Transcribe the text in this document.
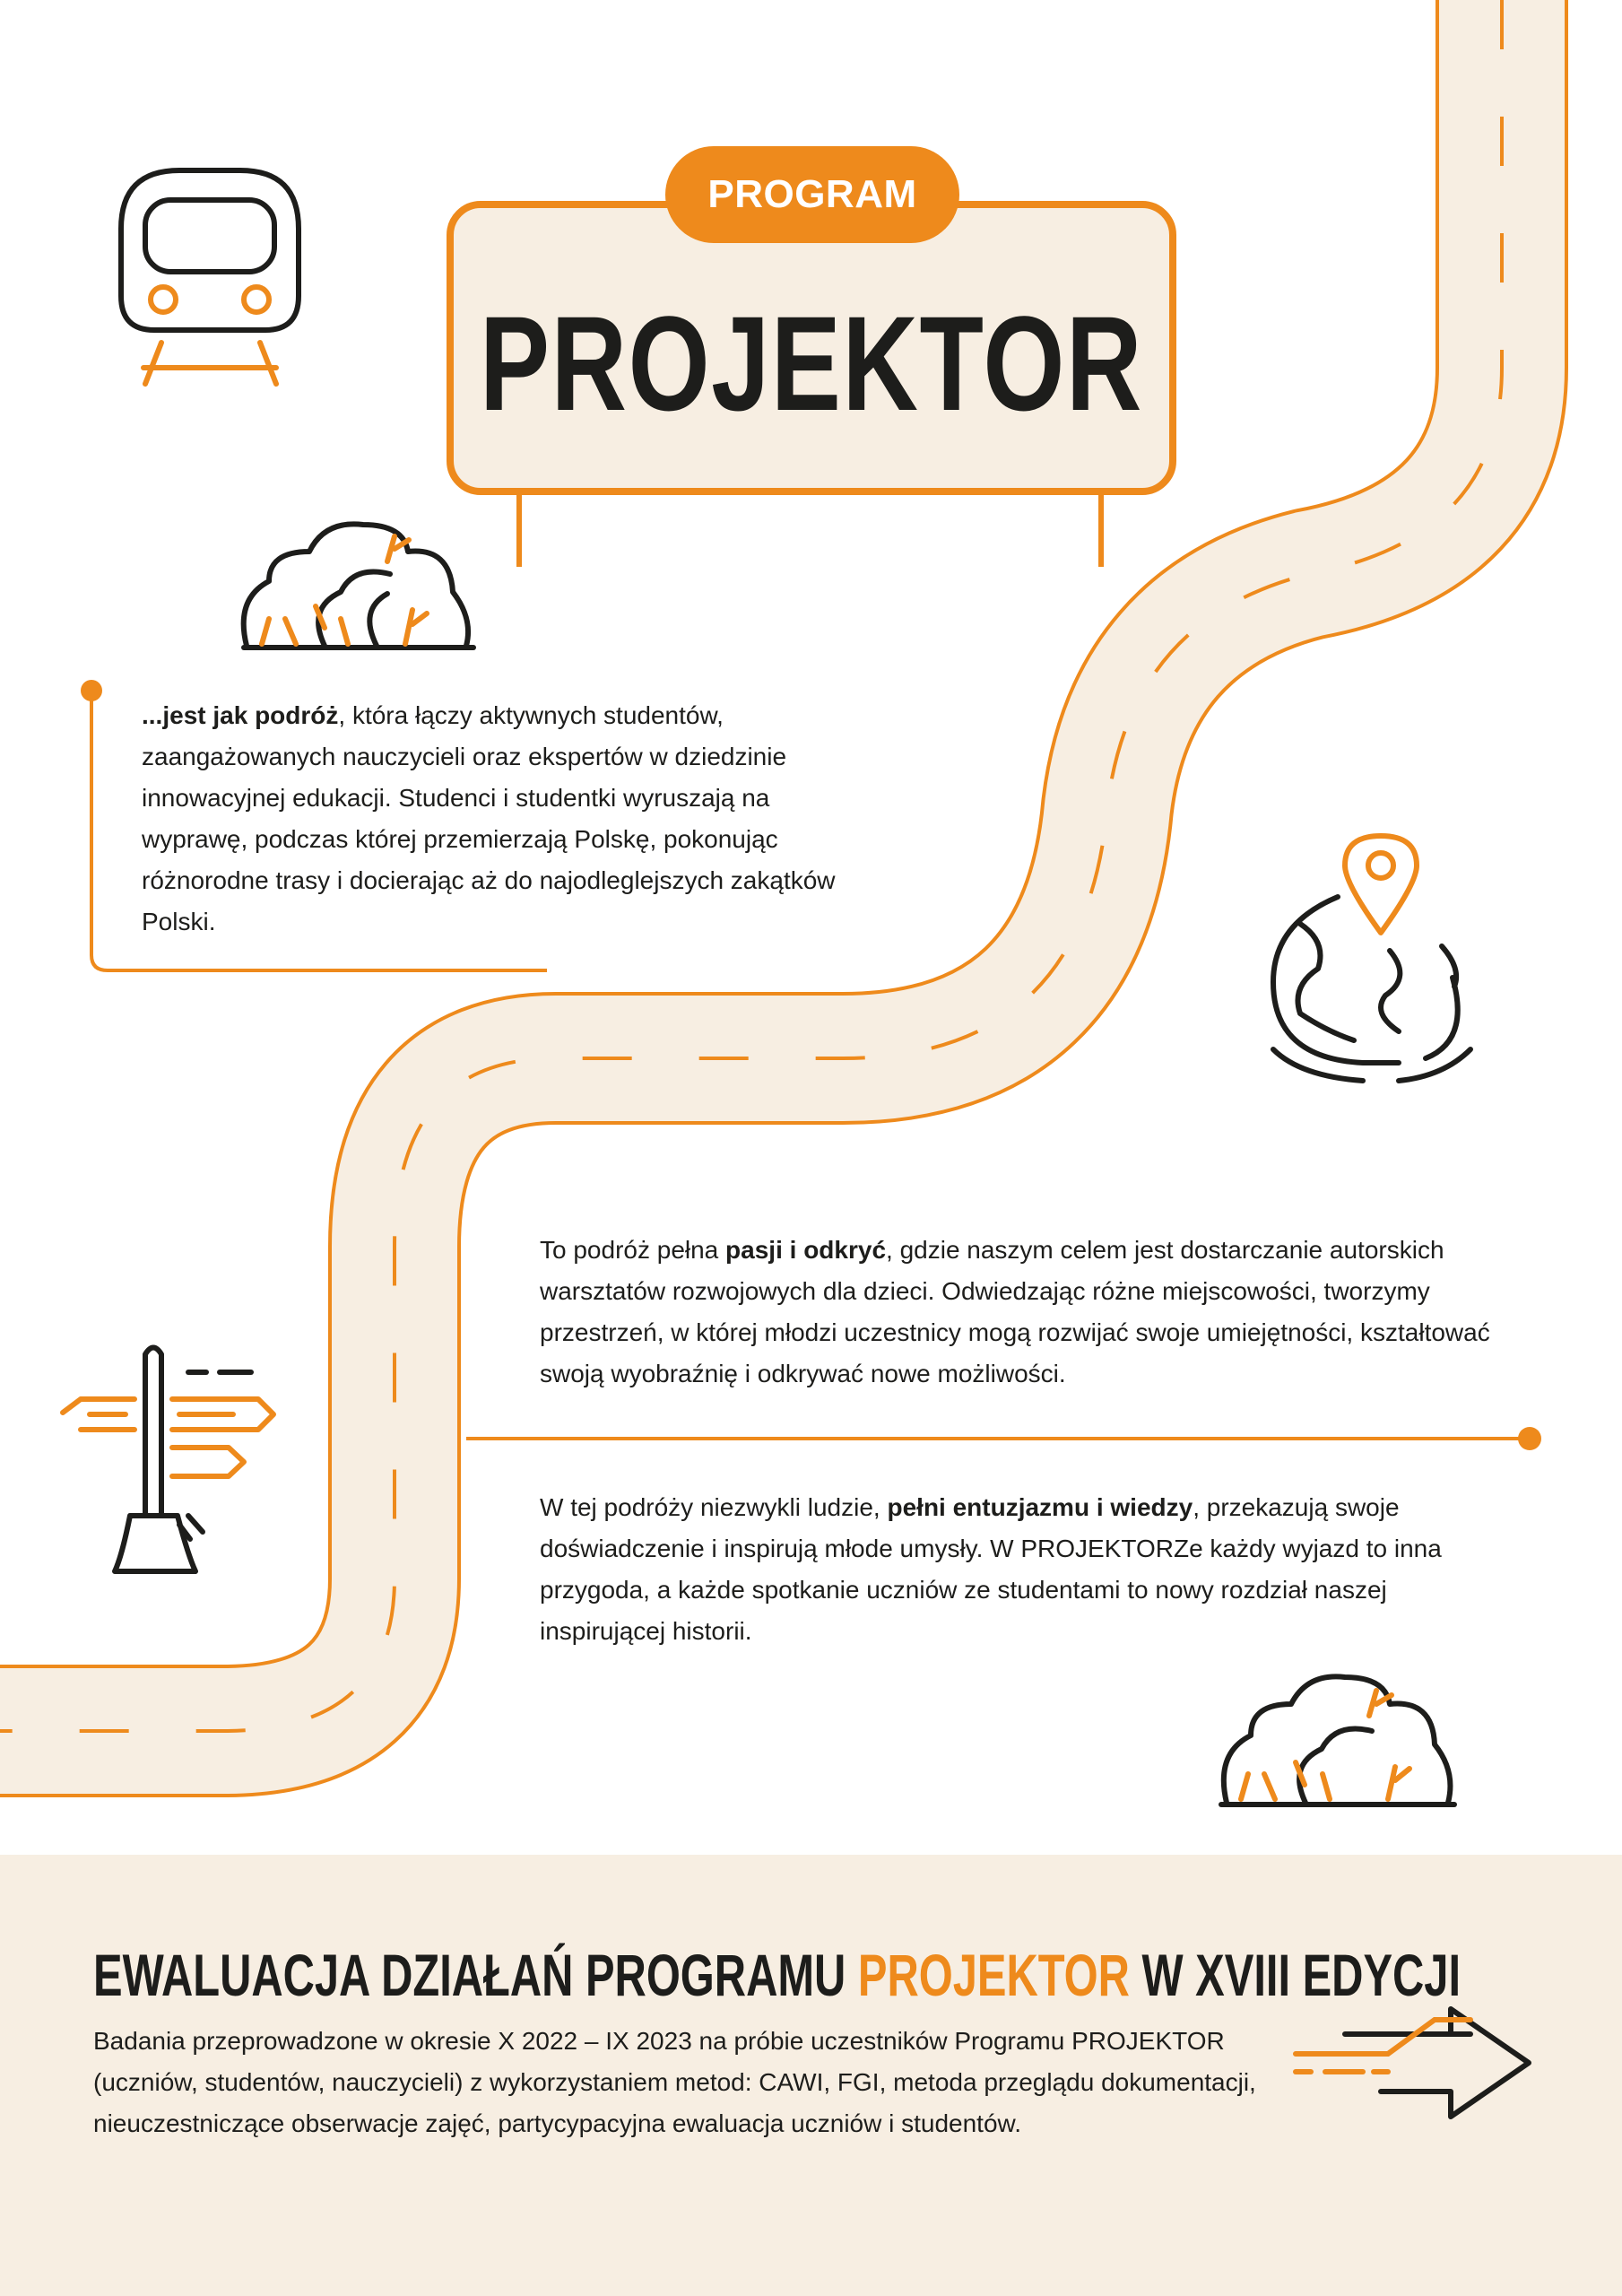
PROGRAM
PROJEKTOR

...jest jak podróż, która łączy aktywnych studentów, zaangażowanych nauczycieli oraz ekspertów w dziedzinie innowacyjnej edukacji. Studenci i studentki wyruszają na wyprawę, podczas której przemierzają Polskę, pokonując różnorodne trasy i docierając aż do najodleglejszych zakątków Polski.

To podróż pełna pasji i odkryć, gdzie naszym celem jest dostarczanie autorskich warsztatów rozwojowych dla dzieci. Odwiedzając różne miejscowości, tworzymy przestrzeń, w której młodzi uczestnicy mogą rozwijać swoje umiejętności, kształtować swoją wyobraźnię i odkrywać nowe możliwości.

W tej podróży niezwykli ludzie, pełni entuzjazmu i wiedzy, przekazują swoje doświadczenie i inspirują młode umysły. W PROJEKTORZe każdy wyjazd to inna przygoda, a każde spotkanie uczniów ze studentami to nowy rozdział naszej inspirującej historii.

EWALUACJA DZIAŁAŃ PROGRAMU PROJEKTOR W XVIII EDYCJI

Badania przeprowadzone w okresie X 2022 – IX 2023 na próbie uczestników Programu PROJEKTOR (uczniów, studentów, nauczycieli) z wykorzystaniem metod: CAWI, FGI, metoda przeglądu dokumentacji, nieuczestniczące obserwacje zajęć, partycypacyjna ewaluacja uczniów i studentów.
